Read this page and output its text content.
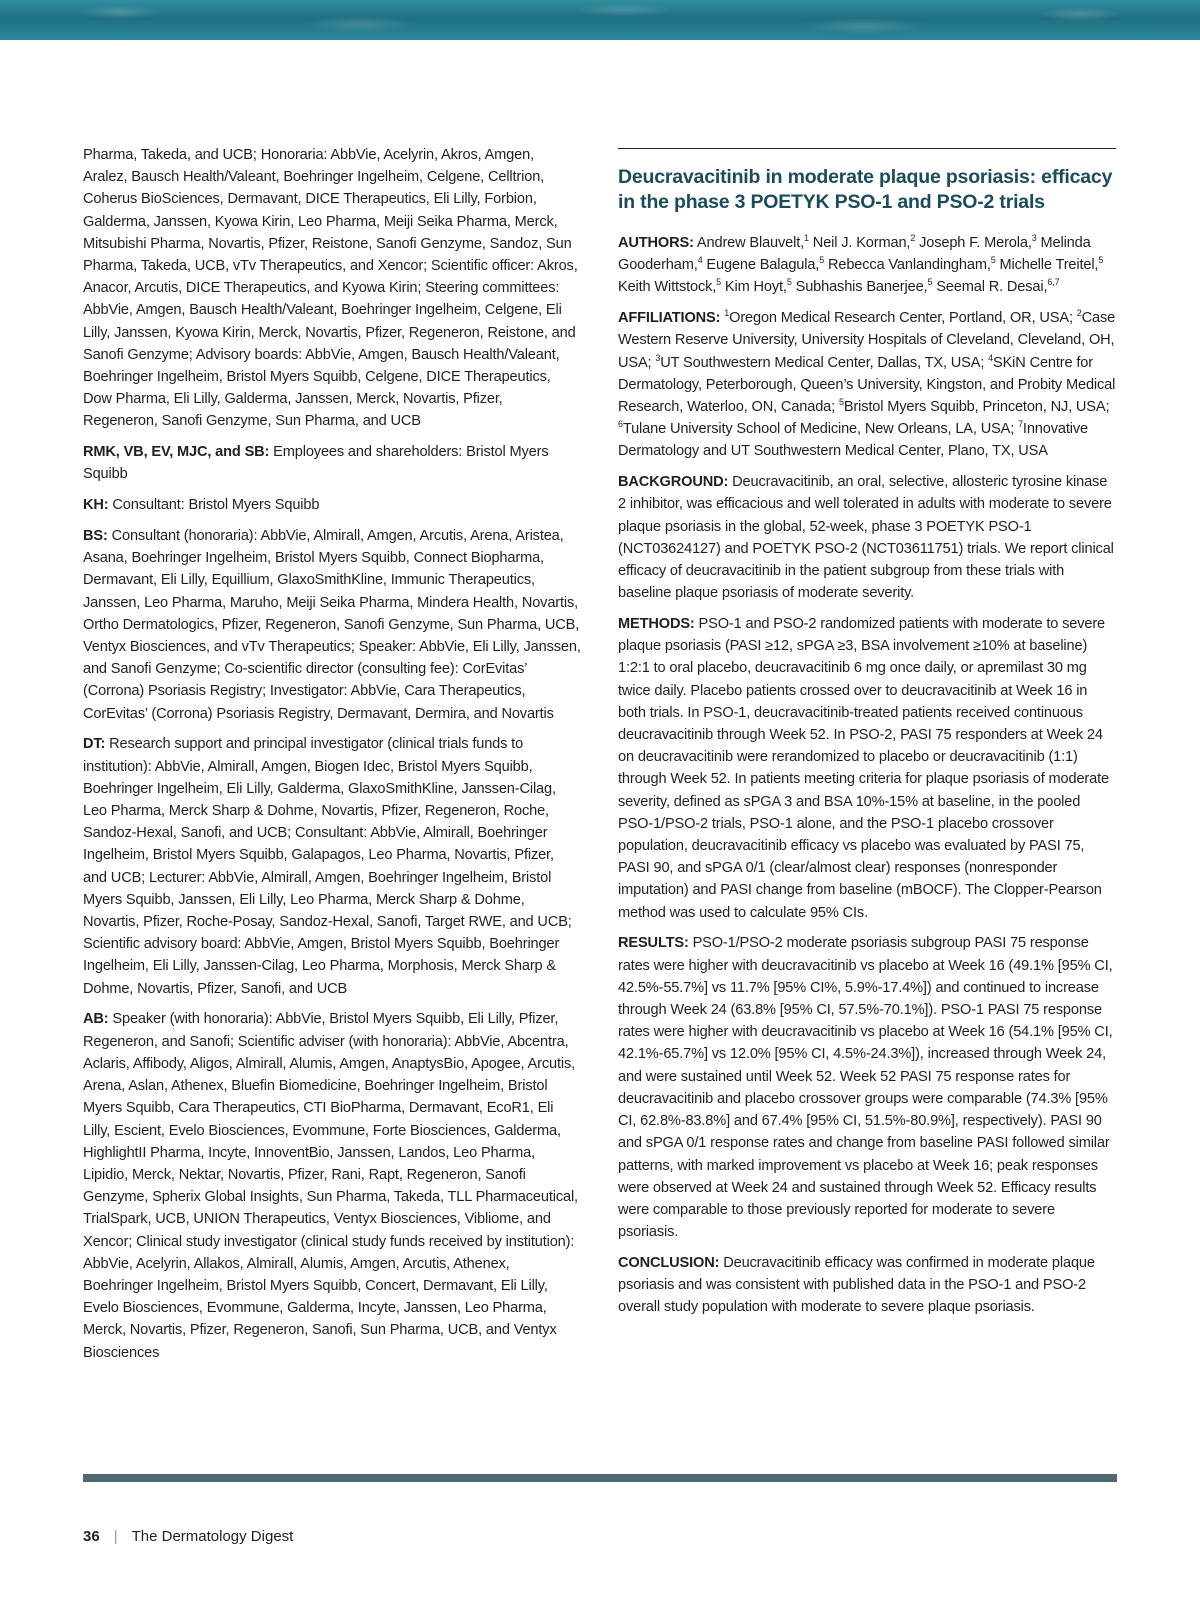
Pharma, Takeda, and UCB; Honoraria: AbbVie, Acelyrin, Akros, Amgen, Aralez, Bausch Health/Valeant, Boehringer Ingelheim, Celgene, Celltrion, Coherus BioSciences, Dermavant, DICE Therapeutics, Eli Lilly, Forbion, Galderma, Janssen, Kyowa Kirin, Leo Pharma, Meiji Seika Pharma, Merck, Mitsubishi Pharma, Novartis, Pfizer, Reistone, Sanofi Genzyme, Sandoz, Sun Pharma, Takeda, UCB, vTv Therapeutics, and Xencor; Scientific officer: Akros, Anacor, Arcutis, DICE Therapeutics, and Kyowa Kirin; Steering committees: AbbVie, Amgen, Bausch Health/Valeant, Boehringer Ingelheim, Celgene, Eli Lilly, Janssen, Kyowa Kirin, Merck, Novartis, Pfizer, Regeneron, Reistone, and Sanofi Genzyme; Advisory boards: AbbVie, Amgen, Bausch Health/Valeant, Boehringer Ingelheim, Bristol Myers Squibb, Celgene, DICE Therapeutics, Dow Pharma, Eli Lilly, Galderma, Janssen, Merck, Novartis, Pfizer, Regeneron, Sanofi Genzyme, Sun Pharma, and UCB

RMK, VB, EV, MJC, and SB: Employees and shareholders: Bristol Myers Squibb

KH: Consultant: Bristol Myers Squibb

BS: Consultant (honoraria): AbbVie, Almirall, Amgen, Arcutis, Arena, Aristea, Asana, Boehringer Ingelheim, Bristol Myers Squibb, Connect Biopharma, Dermavant, Eli Lilly, Equillium, GlaxoSmithKline, Immunic Therapeutics, Janssen, Leo Pharma, Maruho, Meiji Seika Pharma, Mindera Health, Novartis, Ortho Dermatologics, Pfizer, Regeneron, Sanofi Genzyme, Sun Pharma, UCB, Ventyx Biosciences, and vTv Therapeutics; Speaker: AbbVie, Eli Lilly, Janssen, and Sanofi Genzyme; Co-scientific director (consulting fee): CorEvitas’ (Corrona) Psoriasis Registry; Investigator: AbbVie, Cara Therapeutics, CorEvitas’ (Corrona) Psoriasis Registry, Dermavant, Dermira, and Novartis

DT: Research support and principal investigator (clinical trials funds to institution): AbbVie, Almirall, Amgen, Biogen Idec, Bristol Myers Squibb, Boehringer Ingelheim, Eli Lilly, Galderma, GlaxoSmithKline, Janssen-Cilag, Leo Pharma, Merck Sharp & Dohme, Novartis, Pfizer, Regeneron, Roche, Sandoz-Hexal, Sanofi, and UCB; Consultant: AbbVie, Almirall, Boehringer Ingelheim, Bristol Myers Squibb, Galapagos, Leo Pharma, Novartis, Pfizer, and UCB; Lecturer: AbbVie, Almirall, Amgen, Boehringer Ingelheim, Bristol Myers Squibb, Janssen, Eli Lilly, Leo Pharma, Merck Sharp & Dohme, Novartis, Pfizer, Roche-Posay, Sandoz-Hexal, Sanofi, Target RWE, and UCB; Scientific advisory board: AbbVie, Amgen, Bristol Myers Squibb, Boehringer Ingelheim, Eli Lilly, Janssen-Cilag, Leo Pharma, Morphosis, Merck Sharp & Dohme, Novartis, Pfizer, Sanofi, and UCB

AB: Speaker (with honoraria): AbbVie, Bristol Myers Squibb, Eli Lilly, Pfizer, Regeneron, and Sanofi; Scientific adviser (with honoraria): AbbVie, Abcentra, Aclaris, Affibody, Aligos, Almirall, Alumis, Amgen, AnaptysBio, Apogee, Arcutis, Arena, Aslan, Athenex, Bluefin Biomedicine, Boehringer Ingelheim, Bristol Myers Squibb, Cara Therapeutics, CTI BioPharma, Dermavant, EcoR1, Eli Lilly, Escient, Evelo Biosciences, Evommune, Forte Biosciences, Galderma, HighlightII Pharma, Incyte, InnoventBio, Janssen, Landos, Leo Pharma, Lipidio, Merck, Nektar, Novartis, Pfizer, Rani, Rapt, Regeneron, Sanofi Genzyme, Spherix Global Insights, Sun Pharma, Takeda, TLL Pharmaceutical, TrialSpark, UCB, UNION Therapeutics, Ventyx Biosciences, Vibliome, and Xencor; Clinical study investigator (clinical study funds received by institution): AbbVie, Acelyrin, Allakos, Almirall, Alumis, Amgen, Arcutis, Athenex, Boehringer Ingelheim, Bristol Myers Squibb, Concert, Dermavant, Eli Lilly, Evelo Biosciences, Evommune, Galderma, Incyte, Janssen, Leo Pharma, Merck, Novartis, Pfizer, Regeneron, Sanofi, Sun Pharma, UCB, and Ventyx Biosciences

Deucravacitinib in moderate plaque psoriasis: efficacy in the phase 3 POETYK PSO-1 and PSO-2 trials

AUTHORS: Andrew Blauvelt,$^1$ Neil J. Korman,$^2$ Joseph F. Merola,$^3$ Melinda Gooderham,$^4$ Eugene Balagula,$^5$ Rebecca Vanlandingham,$^5$ Michelle Treitel,$^5$ Keith Wittstock,$^5$ Kim Hoyt,$^5$ Subhashis Banerjee,$^5$ Seemal R. Desai,$^{6,7}$

AFFILIATIONS: $^1$Oregon Medical Research Center, Portland, OR, USA; $^2$Case Western Reserve University, University Hospitals of Cleveland, Cleveland, OH, USA; $^3$UT Southwestern Medical Center, Dallas, TX, USA; $^4$SKiN Centre for Dermatology, Peterborough, Queen’s University, Kingston, and Probity Medical Research, Waterloo, ON, Canada; $^5$Bristol Myers Squibb, Princeton, NJ, USA; $^6$Tulane University School of Medicine, New Orleans, LA, USA; $^7$Innovative Dermatology and UT Southwestern Medical Center, Plano, TX, USA

BACKGROUND: Deucravacitinib, an oral, selective, allosteric tyrosine kinase 2 inhibitor, was efficacious and well tolerated in adults with moderate to severe plaque psoriasis in the global, 52-week, phase 3 POETYK PSO-1 (NCT03624127) and POETYK PSO-2 (NCT03611751) trials. We report clinical efficacy of deucravacitinib in the patient subgroup from these trials with baseline plaque psoriasis of moderate severity.

METHODS: PSO-1 and PSO-2 randomized patients with moderate to severe plaque psoriasis (PASI ≥12, sPGA ≥3, BSA involvement ≥10% at baseline) 1:2:1 to oral placebo, deucravacitinib 6 mg once daily, or apremilast 30 mg twice daily. Placebo patients crossed over to deucravacitinib at Week 16 in both trials. In PSO-1, deucravacitinib-treated patients received continuous deucravacitinib through Week 52. In PSO-2, PASI 75 responders at Week 24 on deucravacitinib were rerandomized to placebo or deucravacitinib (1:1) through Week 52. In patients meeting criteria for plaque psoriasis of moderate severity, defined as sPGA 3 and BSA 10%-15% at baseline, in the pooled PSO-1/PSO-2 trials, PSO-1 alone, and the PSO-1 placebo crossover population, deucravacitinib efficacy vs placebo was evaluated by PASI 75, PASI 90, and sPGA 0/1 (clear/almost clear) responses (nonresponder imputation) and PASI change from baseline (mBOCF). The Clopper-Pearson method was used to calculate 95% CIs.

RESULTS: PSO-1/PSO-2 moderate psoriasis subgroup PASI 75 response rates were higher with deucravacitinib vs placebo at Week 16 (49.1% [95% CI, 42.5%-55.7%] vs 11.7% [95% CI%, 5.9%-17.4%]) and continued to increase through Week 24 (63.8% [95% CI, 57.5%-70.1%]). PSO-1 PASI 75 response rates were higher with deucravacitinib vs placebo at Week 16 (54.1% [95% CI, 42.1%-65.7%] vs 12.0% [95% CI, 4.5%-24.3%]), increased through Week 24, and were sustained until Week 52. Week 52 PASI 75 response rates for deucravacitinib and placebo crossover groups were comparable (74.3% [95% CI, 62.8%-83.8%] and 67.4% [95% CI, 51.5%-80.9%], respectively). PASI 90 and sPGA 0/1 response rates and change from baseline PASI followed similar patterns, with marked improvement vs placebo at Week 16; peak responses were observed at Week 24 and sustained through Week 52. Efficacy results were comparable to those previously reported for moderate to severe psoriasis.

CONCLUSION: Deucravacitinib efficacy was confirmed in moderate plaque psoriasis and was consistent with published data in the PSO-1 and PSO-2 overall study population with moderate to severe plaque psoriasis.

36 | The Dermatology Digest
